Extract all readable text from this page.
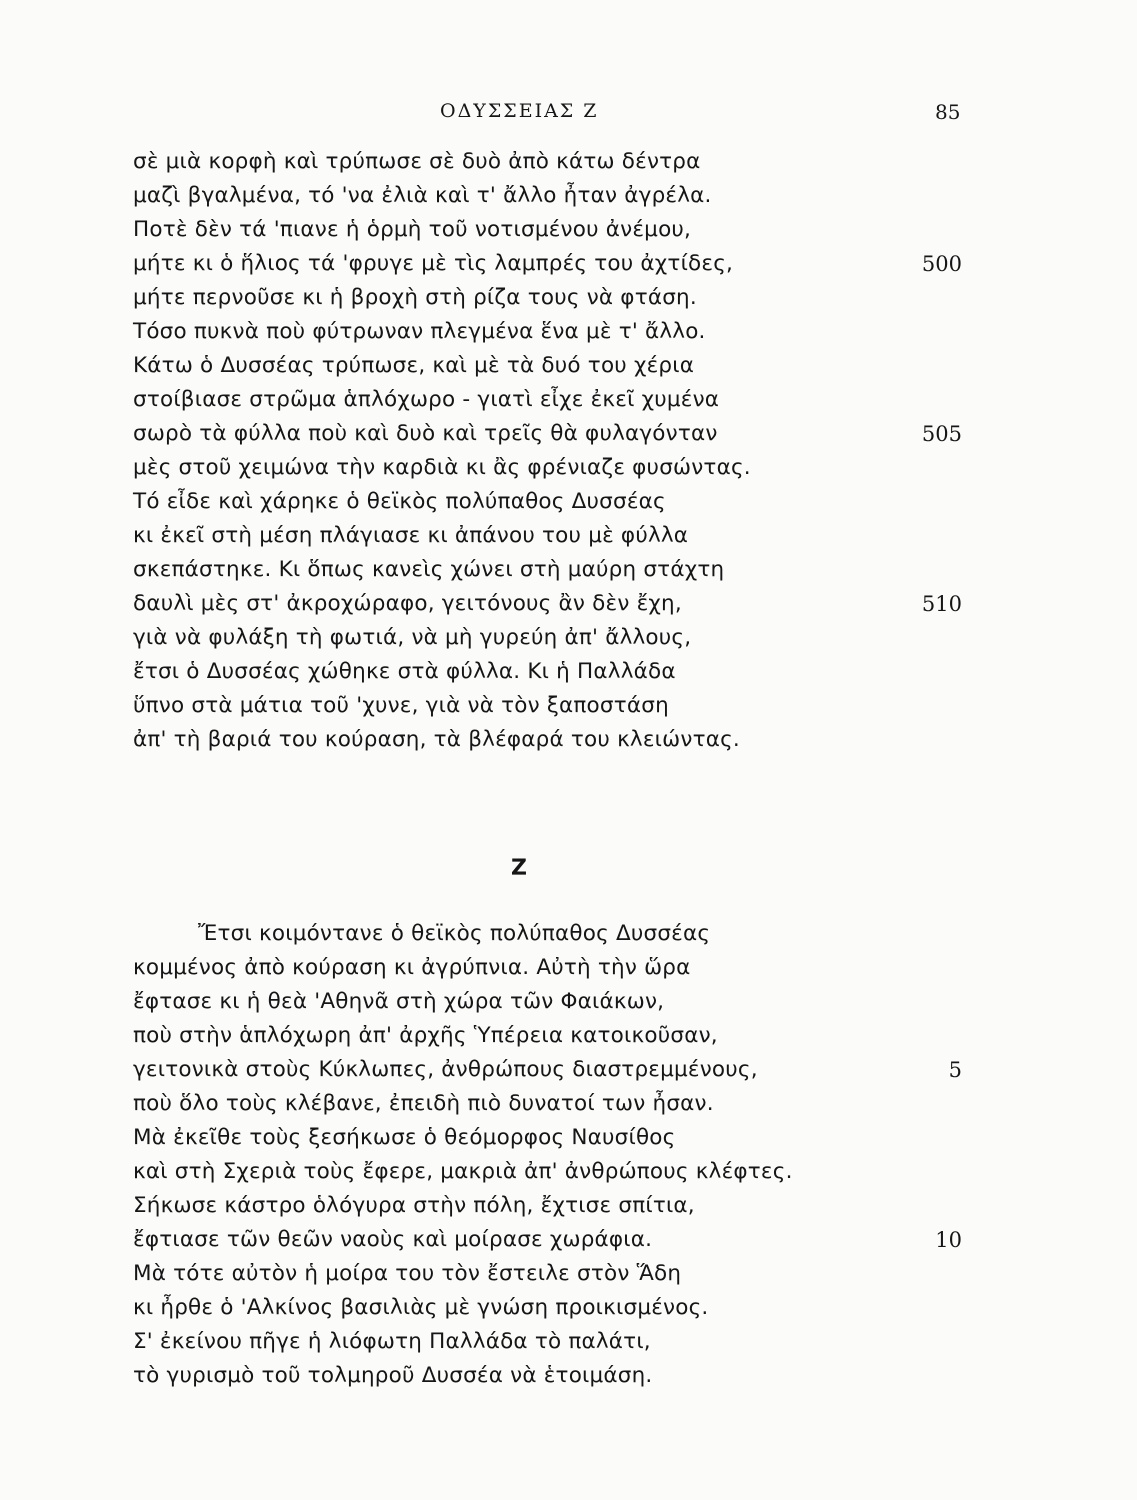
ΟΔΥΣΣΕΙΑΣ Ζ	85
σὲ μιὰ κορφὴ καὶ τρύπωσε σὲ δυὸ ἀπὸ κάτω δέντρα
μαζὶ βγαλμένα, τό 'να ἐλιὰ καὶ τ' ἄλλο ἦταν ἀγρέλα.
Ποτὲ δὲν τά 'πιανε ἡ ὁρμὴ τοῦ νοτισμένου ἀνέμου,
μήτε κι ὁ ἥλιος τά 'φρυγε μὲ τὶς λαμπρές του ἀχτίδες,	500
μήτε περνοῦσε κι ἡ βροχὴ στὴ ρίζα τους νὰ φτάση.
Τόσο πυκνὰ ποὺ φύτρωναν πλεγμένα ἕνα μὲ τ' ἄλλο.
Κάτω ὁ Δυσσέας τρύπωσε, καὶ μὲ τὰ δυό του χέρια
στοίβιασε στρῶμα ἁπλόχωρο - γιατὶ εἶχε ἐκεῖ χυμένα
σωρὸ τὰ φύλλα ποὺ καὶ δυὸ καὶ τρεῖς θὰ φυλαγόνταν	505
μὲς στοῦ χειμώνα τὴν καρδιὰ κι ἂς φρένιαζε φυσώντας.
Τό εἶδε καὶ χάρηκε ὁ θεϊκὸς πολύπαθος Δυσσέας
κι ἐκεῖ στὴ μέση πλάγιασε κι ἀπάνου του μὲ φύλλα
σκεπάστηκε. Κι ὅπως κανεὶς χώνει στὴ μαύρη στάχτη
δαυλὶ μὲς στ' ἀκροχώραφο, γειτόνους ἂν δὲν ἔχη,	510
γιὰ νὰ φυλάξη τὴ φωτιά, νὰ μὴ γυρεύη ἀπ' ἄλλους,
ἔτσι ὁ Δυσσέας χώθηκε στὰ φύλλα. Κι ἡ Παλλάδα
ὕπνο στὰ μάτια τοῦ 'χυνε, γιὰ νὰ τὸν ξαποστάση
ἀπ' τὴ βαριά του κούραση, τὰ βλέφαρά του κλειώντας.
Ζ
Ἔτσι κοιμόντανε ὁ θεϊκὸς πολύπαθος Δυσσέας
κομμένος ἀπὸ κούραση κι ἀγρύπνια. Αὐτὴ τὴν ὥρα
ἔφτασε κι ἡ θεὰ 'Αθηνᾶ στὴ χώρα τῶν Φαιάκων,
ποὺ στὴν ἁπλόχωρη ἀπ' ἀρχῆς Ὑπέρεια κατοικοῦσαν,
γειτονικὰ στοὺς Κύκλωπες, ἀνθρώπους διαστρεμμένους,	5
ποὺ ὅλο τοὺς κλέβανε, ἐπειδὴ πιὸ δυνατοί των ἦσαν.
Μὰ ἐκεῖθε τοὺς ξεσήκωσε ὁ θεόμορφος Ναυσίθος
καὶ στὴ Σχεριὰ τοὺς ἔφερε, μακριὰ ἀπ' ἀνθρώπους κλέφτες.
Σήκωσε κάστρο ὁλόγυρα στὴν πόλη, ἔχτισε σπίτια,
ἔφτιασε τῶν θεῶν ναοὺς καὶ μοίρασε χωράφια.	10
Μὰ τότε αὐτὸν ἡ μοίρα του τὸν ἔστειλε στὸν Ἅδη
κι ἦρθε ὁ 'Αλκίνος βασιλιὰς μὲ γνώση προικισμένος.
Σ' ἐκείνου πῆγε ἡ λιόφωτη Παλλάδα τὸ παλάτι,
τὸ γυρισμὸ τοῦ τολμηροῦ Δυσσέα νὰ ἑτοιμάση.
